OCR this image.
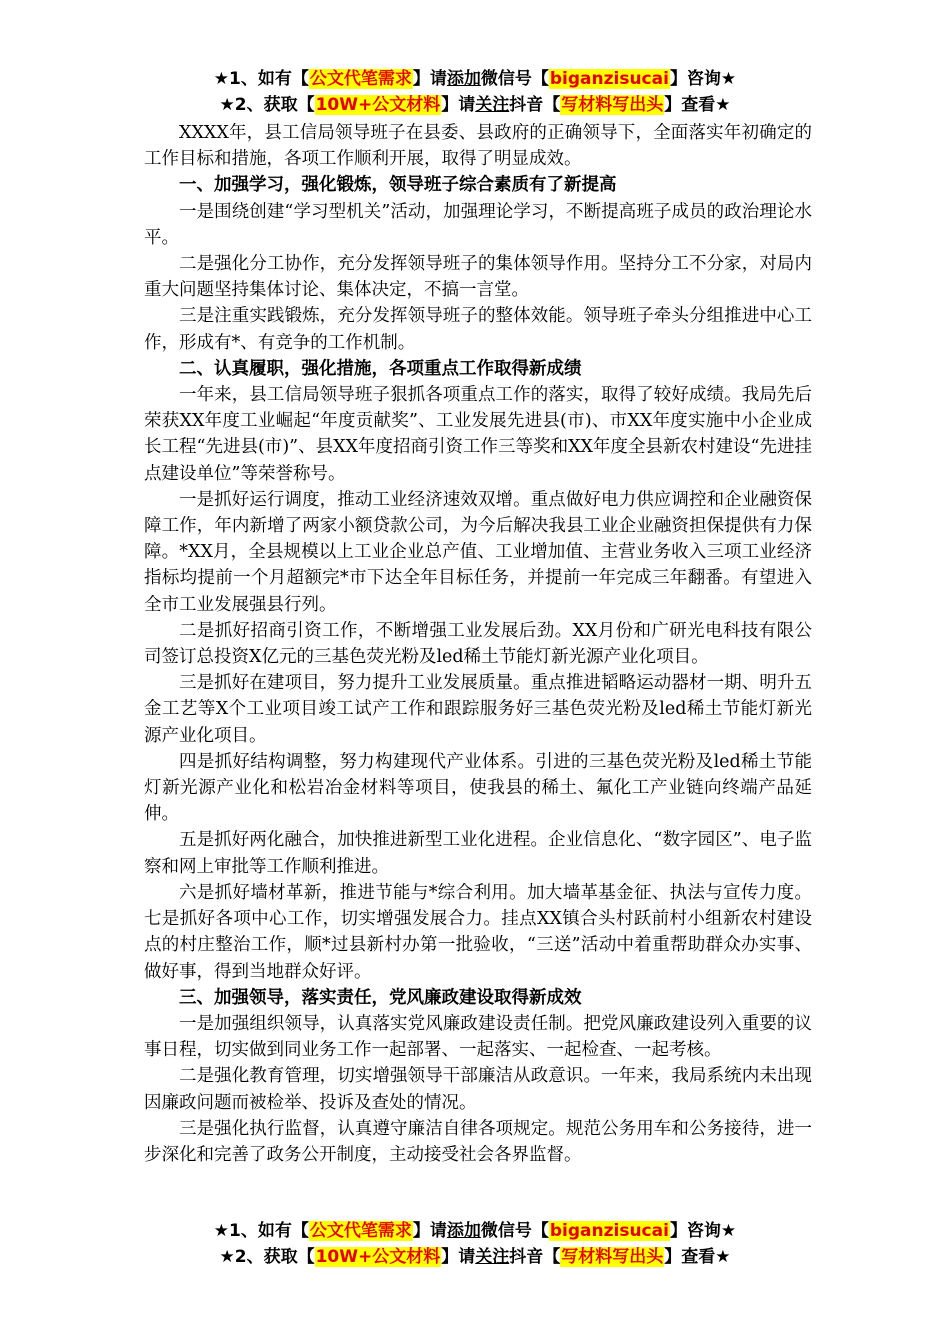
★1、如有【公文代笔需求】请添加微信号【biganzisucai】咨询★
★2、获取【10W+公文材料】请关注抖音【写材料写出头】查看★

XXXX年，县工信局领导班子在县委、县政府的正确领导下，全面落实年初确定的工作目标和措施，各项工作顺利开展，取得了明显成效。

一、加强学习，强化锻炼，领导班子综合素质有了新提高

一是围绕创建“学习型机关”活动，加强理论学习，不断提高班子成员的政治理论水平。

二是强化分工协作，充分发挥领导班子的集体领导作用。坚持分工不分家，对局内重大问题坚持集体讨论、集体决定，不搞一言堂。

三是注重实践锻炼，充分发挥领导班子的整体效能。领导班子牵头分组推进中心工作，形成有*、有竞争的工作机制。

二、认真履职，强化措施，各项重点工作取得新成绩

一年来，县工信局领导班子狠抓各项重点工作的落实，取得了较好成绩。我局先后荣获XX年度工业崛起“年度贡献奖”、工业发展先进县(市)、市XX年度实施中小企业成长工程“先进县(市)”、县XX年度招商引资工作三等奖和XX年度全县新农村建设“先进挂点建设单位”等荣誉称号。

一是抓好运行调度，推动工业经济速效双增。重点做好电力供应调控和企业融资保障工作，年内新增了两家小额贷款公司，为今后解决我县工业企业融资担保提供有力保障。*XX月，全县规模以上工业企业总产值、工业增加值、主营业务收入三项工业经济指标均提前一个月超额完*市下达全年目标任务，并提前一年完成三年翻番。有望进入全市工业发展强县行列。

二是抓好招商引资工作，不断增强工业发展后劲。XX月份和广研光电科技有限公司签订总投资X亿元的三基色荧光粉及led稀土节能灯新光源产业化项目。

三是抓好在建项目，努力提升工业发展质量。重点推进韬略运动器材一期、明升五金工艺等X个工业项目竣工试产工作和跟踪服务好三基色荧光粉及led稀土节能灯新光源产业化项目。

四是抓好结构调整，努力构建现代产业体系。引进的三基色荧光粉及led稀土节能灯新光源产业化和松岩冶金材料等项目，使我县的稀土、氟化工产业链向终端产品延伸。

五是抓好两化融合，加快推进新型工业化进程。企业信息化、“数字园区”、电子监察和网上审批等工作顺利推进。

六是抓好墙材革新，推进节能与*综合利用。加大墙革基金征、执法与宣传力度。七是抓好各项中心工作，切实增强发展合力。挂点XX镇合头村跃前村小组新农村建设点的村庄整治工作，顺*过县新村办第一批验收，“三送”活动中着重帮助群众办实事、做好事，得到当地群众好评。

三、加强领导，落实责任，党风廉政建设取得新成效

一是加强组织领导，认真落实党风廉政建设责任制。把党风廉政建设列入重要的议事日程，切实做到同业务工作一起部署、一起落实、一起检查、一起考核。

二是强化教育管理，切实增强领导干部廉洁从政意识。一年来，我局系统内未出现因廉政问题而被检举、投诉及查处的情况。

三是强化执行监督，认真遵守廉洁自律各项规定。规范公务用车和公务接待，进一步深化和完善了政务公开制度，主动接受社会各界监督。

★1、如有【公文代笔需求】请添加微信号【biganzisucai】咨询★
★2、获取【10W+公文材料】请关注抖音【写材料写出头】查看★
